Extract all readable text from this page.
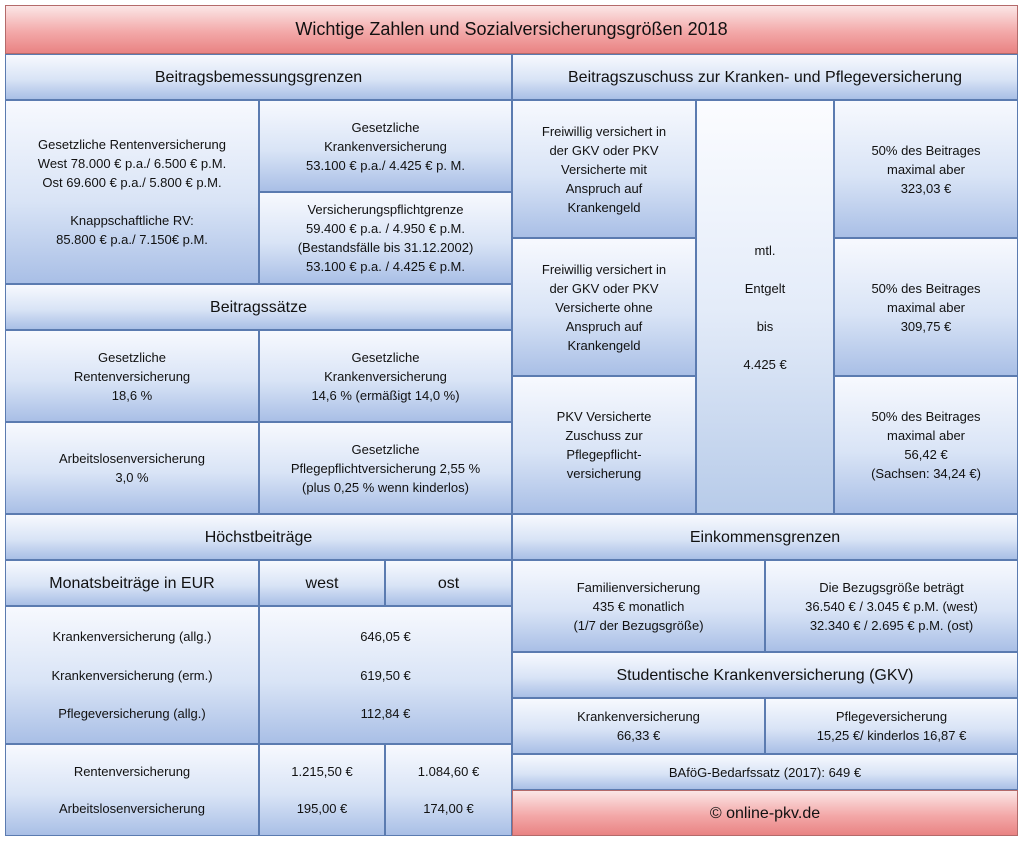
Wichtige Zahlen und Sozialversicherungsgrößen 2018
Beitragsbemessungsgrenzen
Gesetzliche Rentenversicherung
West 78.000 € p.a./ 6.500 € p.M.
Ost 69.600 € p.a./ 5.800 € p.M.
Knappschaftliche RV:
85.800 € p.a./ 7.150€ p.M.
Gesetzliche
Krankenversicherung
53.100 € p.a./ 4.425 € p. M.
Versicherungspflichtgrenze
59.400 € p.a. / 4.950 € p.M.
(Bestandsfälle bis 31.12.2002)
53.100 € p.a. / 4.425 € p.M.
Beitragssätze
Gesetzliche
Rentenversicherung
18,6 %
Gesetzliche
Krankenversicherung
14,6 % (ermäßigt 14,0 %)
Arbeitslosenversicherung
3,0 %
Gesetzliche
Pflegepflichtversicherung 2,55 %
(plus 0,25 % wenn kinderlos)
Höchstbeiträge
Monatsbeiträge in EUR	west	ost
Krankenversicherung (allg.)
Krankenversicherung (erm.)
Pflegeversicherung (allg.)
646,05 €
619,50 €
112,84 €
Rentenversicherung
Arbeitslosenversicherung
1.215,50 €
195,00 €
1.084,60 €
174,00 €
Beitragszuschuss zur Kranken- und Pflegeversicherung
Freiwillig versichert in
der GKV oder PKV
Versicherte mit
Anspruch auf
Krankengeld
Freiwillig versichert in
der GKV oder PKV
Versicherte ohne
Anspruch auf
Krankengeld
PKV Versicherte
Zuschuss zur
Pflegepflicht-
versicherung
mtl.
Entgelt
bis
4.425 €
50% des Beitrages
maximal aber
323,03 €
50% des Beitrages
maximal aber
309,75 €
50% des Beitrages
maximal aber
56,42 €
(Sachsen: 34,24 €)
Einkommensgrenzen
Familienversicherung
435 € monatlich
(1/7 der Bezugsgröße)
Die Bezugsgröße beträgt
36.540 € / 3.045 € p.M. (west)
32.340 € / 2.695 € p.M. (ost)
Studentische Krankenversicherung (GKV)
Krankenversicherung
66,33 €
Pflegeversicherung
15,25 €/ kinderlos 16,87 €
BAföG-Bedarfssatz (2017): 649 €
© online-pkv.de
